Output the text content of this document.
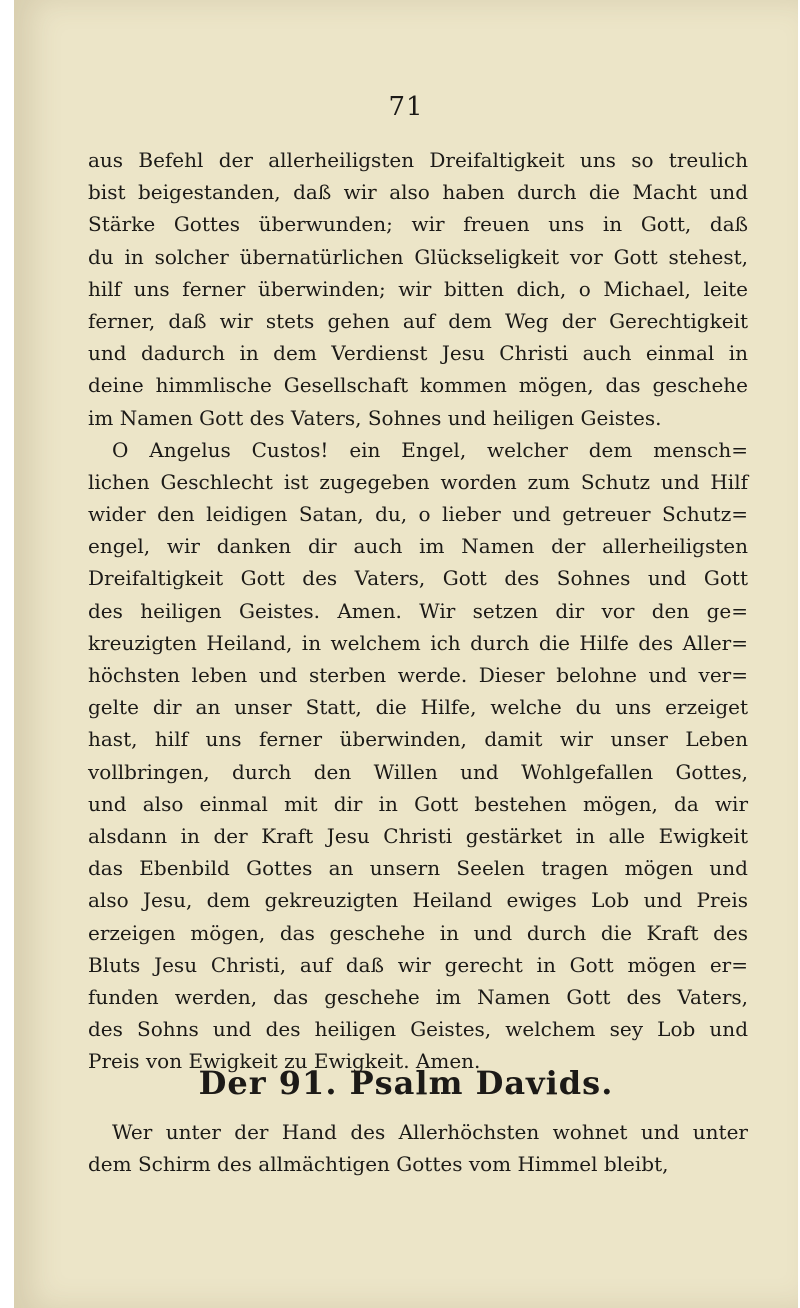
71
aus Befehl der allerheiligsten Dreifaltigkeit uns so treulich
bist beigestanden, daß wir also haben durch die Macht und
Stärke Gottes überwunden; wir freuen uns in Gott, daß
du in solcher übernatürlichen Glückseligkeit vor Gott stehest,
hilf uns ferner überwinden; wir bitten dich, o Michael, leite
ferner, daß wir stets gehen auf dem Weg der Gerechtigkeit
und dadurch in dem Verdienst Jesu Christi auch einmal in
deine himmlische Gesellschaft kommen mögen, das geschehe
im Namen Gott des Vaters, Sohnes und heiligen Geistes.
O Angelus Custos! ein Engel, welcher dem mensch=
lichen Geschlecht ist zugegeben worden zum Schutz und Hilf
wider den leidigen Satan, du, o lieber und getreuer Schutz=
engel, wir danken dir auch im Namen der allerheiligsten
Dreifaltigkeit Gott des Vaters, Gott des Sohnes und Gott
des heiligen Geistes. Amen. Wir setzen dir vor den ge=
kreuzigten Heiland, in welchem ich durch die Hilfe des Aller=
höchsten leben und sterben werde. Dieser belohne und ver=
gelte dir an unser Statt, die Hilfe, welche du uns erzeiget
hast, hilf uns ferner überwinden, damit wir unser Leben
vollbringen, durch den Willen und Wohlgefallen Gottes,
und also einmal mit dir in Gott bestehen mögen, da wir
alsdann in der Kraft Jesu Christi gestärket in alle Ewigkeit
das Ebenbild Gottes an unsern Seelen tragen mögen und
also Jesu, dem gekreuzigten Heiland ewiges Lob und Preis
erzeigen mögen, das geschehe in und durch die Kraft des
Bluts Jesu Christi, auf daß wir gerecht in Gott mögen er=
funden werden, das geschehe im Namen Gott des Vaters,
des Sohns und des heiligen Geistes, welchem sey Lob und
Preis von Ewigkeit zu Ewigkeit. Amen.
Der 91. Psalm Davids.
Wer unter der Hand des Allerhöchsten wohnet und unter
dem Schirm des allmächtigen Gottes vom Himmel bleibt,
